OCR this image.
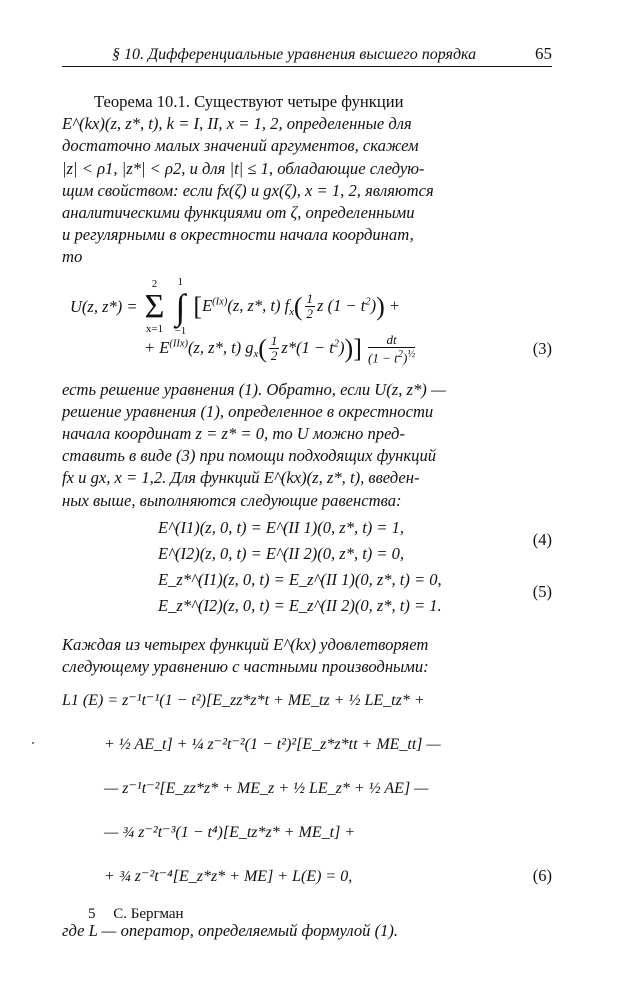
§ 10. Дифференциальные уравнения высшего порядка	65

Теорема 10.1. Существуют четыре функции

E^(kx)(z, z*, t), k = I, II, x = 1, 2, определенные для

достаточно малых значений аргументов, скажем

|z| < ρ1, |z*| < ρ2, и для |t| ≤ 1, обладающие следую-

щим свойством: если fx(ζ) и gx(ζ), x = 1, 2, являются

аналитическими функциями от ζ, определенными

и регулярными в окрестности начала координат,

то

U(z, z*) =
2
Σ
x=1

1
∫
−1
[$E^{(Ix)}(z$, z*, t) $f_x( \frac{1}{2}$ z $(1 - t^2)$) +
+ $E^{(IIx)}(z$, z*, t) $g_x( \frac{1}{2} z*(1 - t^2))] \frac{dt}{(1 - t^2)^{\frac{1}{2}}}$	(3)

есть решение уравнения (1). Обратно, если U(z, z*) —

решение уравнения (1), определенное в окрестности

начала координат z = z* = 0, то U можно пред-

ставить в виде (3) при помощи подходящих функций

fx и gx, x = 1,2. Для функций E^(kx)(z, z*, t), введен-

ных выше, выполняются следующие равенства:

E^(I1)(z, 0, t) = E^(II 1)(0, z*, t) = 1,
E^(I2)(z, 0, t) = E^(II 2)(0, z*, t) = 0,
(4)
E_z*^(I1)(z, 0, t) = E_z^(II 1)(0, z*, t) = 0,
E_z*^(I2)(z, 0, t) = E_z^(II 2)(0, z*, t) = 1.
(5)

Каждая из четырех функций E^(kx) удовлетворяет

следующему уравнению с частными производными:

L1 (E) = z⁻¹t⁻¹(1 − t²)[E_zz*z*t + ME_tz + ½ LE_tz* +
+ ½ AE_t] + ¼ z⁻²t⁻²(1 − t²)²[E_z*z*tt + ME_tt] —
— z⁻¹t⁻²[E_zz*z* + ME_z + ½ LE_z* + ½ AE] —
— ¾ z⁻²t⁻³(1 − t⁴)[E_tz*z* + ME_t] +
+ ¾ z⁻²t⁻⁴[E_z*z* + ME] + L(E) = 0,	(6)

где L — оператор, определяемый формулой (1).

5 С. Бергман
